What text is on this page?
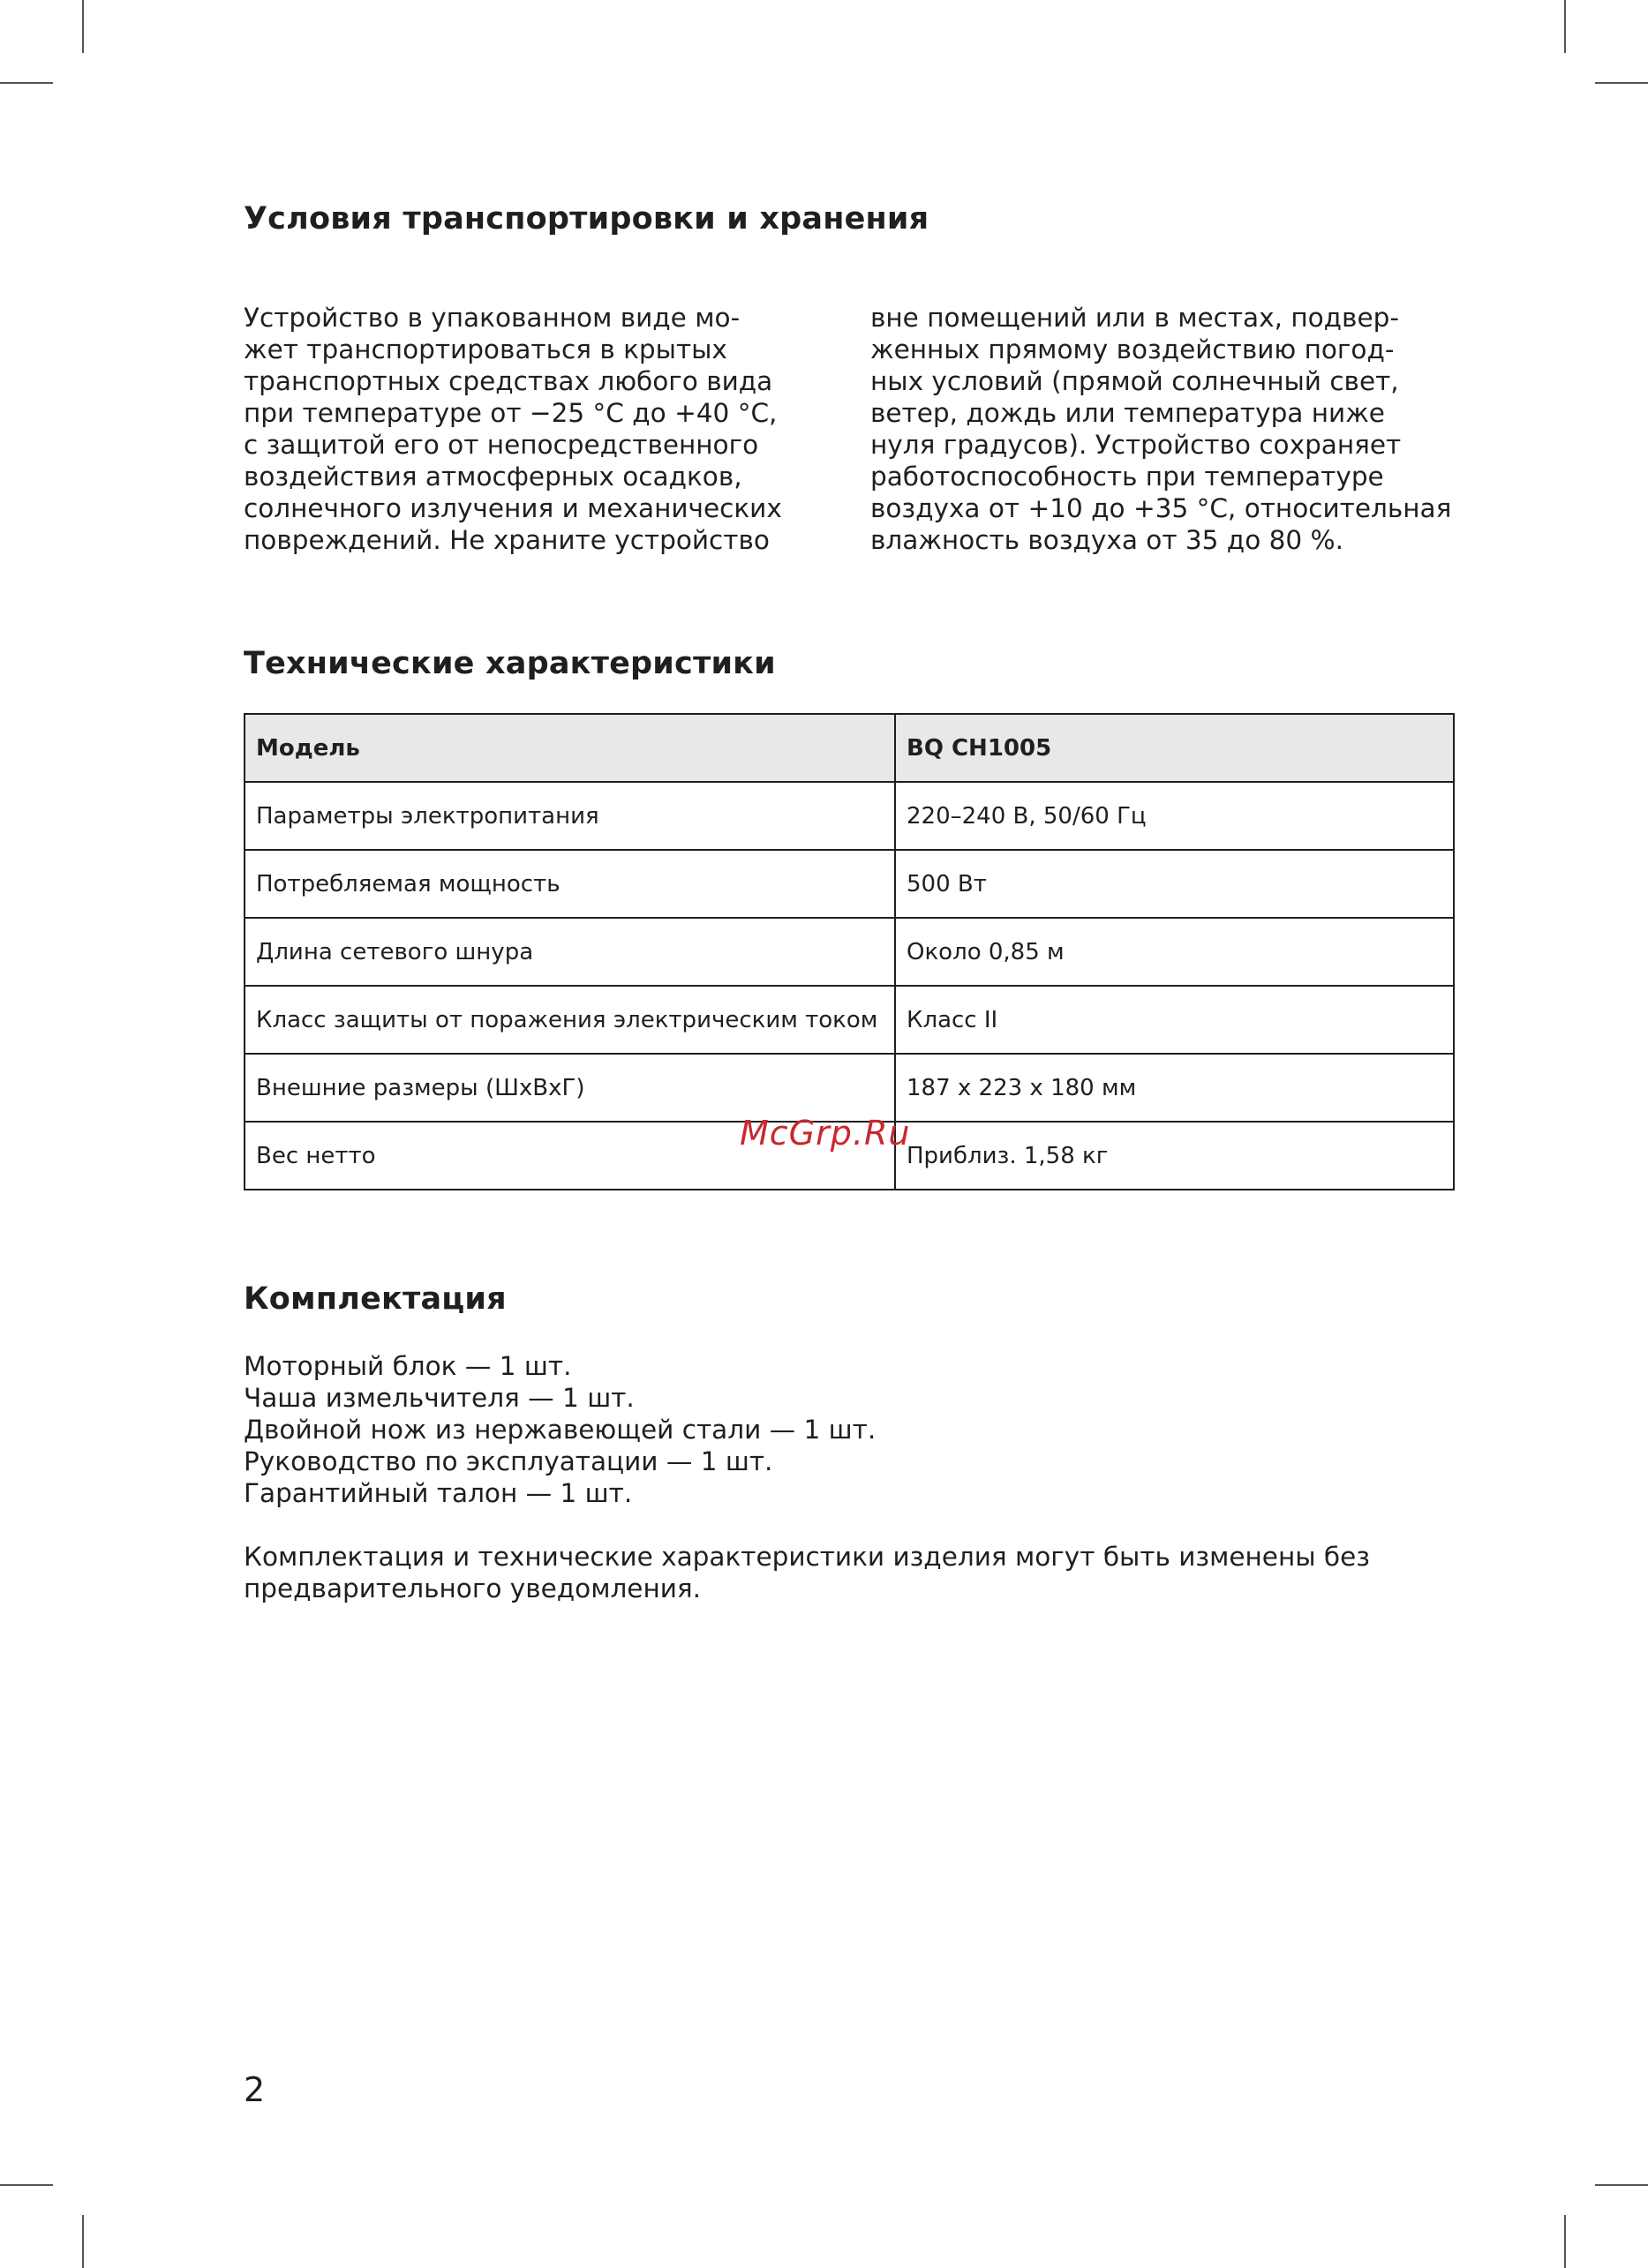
Условия транспортировки и хранения
Устройство в упакованном виде мо-
жет транспортироваться в крытых
транспортных средствах любого вида
при температуре от −25 °C до +40 °C,
с защитой его от непосредственного
воздействия атмосферных осадков,
солнечного излучения и механических
повреждений. Не храните устройство
вне помещений или в местах, подвер-
женных прямому воздействию погод-
ных условий (прямой солнечный свет,
ветер, дождь или температура ниже
нуля градусов). Устройство сохраняет
работоспособность при температуре
воздуха от +10 до +35 °C, относительная
влажность воздуха от 35 до 80 %.
Технические характеристики
Модель	BQ CH1005
Параметры электропитания	220–240 В, 50/60 Гц
Потребляемая мощность	500 Вт
Длина сетевого шнура	Около 0,85 м
Класс защиты от поражения электрическим током	Класс II
Внешние размеры (ШхВхГ)	187 x 223 x 180 мм
Вес нетто	Приблиз. 1,58 кг
McGrp.Ru
Комплектация
Моторный блок — 1 шт.
Чаша измельчителя — 1 шт.
Двойной нож из нержавеющей стали — 1 шт.
Руководство по эксплуатации — 1 шт.
Гарантийный талон — 1 шт.
Комплектация и технические характеристики изделия могут быть изменены без
предварительного уведомления.
2
